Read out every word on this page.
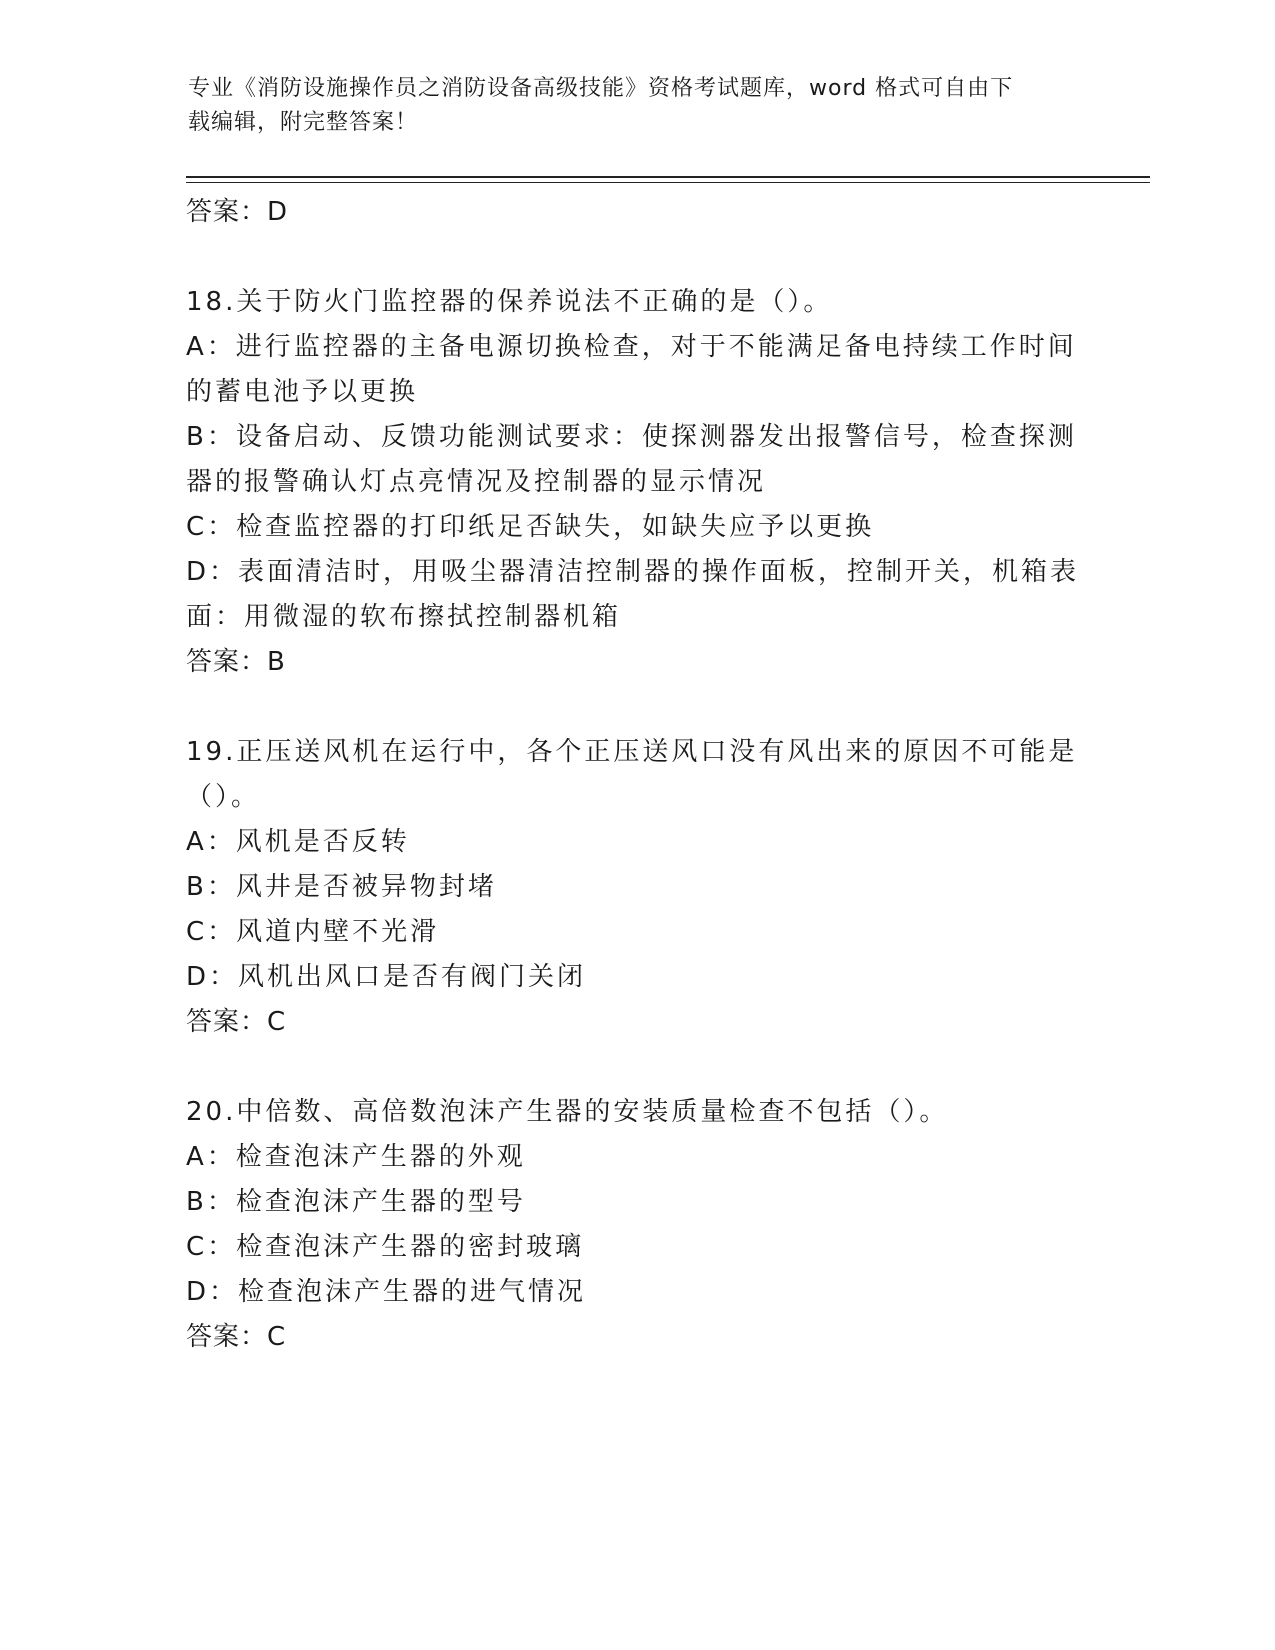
专业《消防设施操作员之消防设备高级技能》资格考试题库，word 格式可自由下
载编辑，附完整答案！
答案：D
18.关于防火门监控器的保养说法不正确的是（）。
A：进行监控器的主备电源切换检查，对于不能满足备电持续工作时间
的蓄电池予以更换
B：设备启动、反馈功能测试要求：使探测器发出报警信号，检查探测
器的报警确认灯点亮情况及控制器的显示情况
C：检查监控器的打印纸足否缺失，如缺失应予以更换
D：表面清洁时，用吸尘器清洁控制器的操作面板，控制开关，机箱表
面：用微湿的软布擦拭控制器机箱
答案：B
19.正压送风机在运行中，各个正压送风口没有风出来的原因不可能是
（）。
A：风机是否反转
B：风井是否被异物封堵
C：风道内壁不光滑
D：风机出风口是否有阀门关闭
答案：C
20.中倍数、高倍数泡沫产生器的安装质量检查不包括（）。
A：检查泡沫产生器的外观
B：检查泡沫产生器的型号
C：检查泡沫产生器的密封玻璃
D：检查泡沫产生器的进气情况
答案：C
